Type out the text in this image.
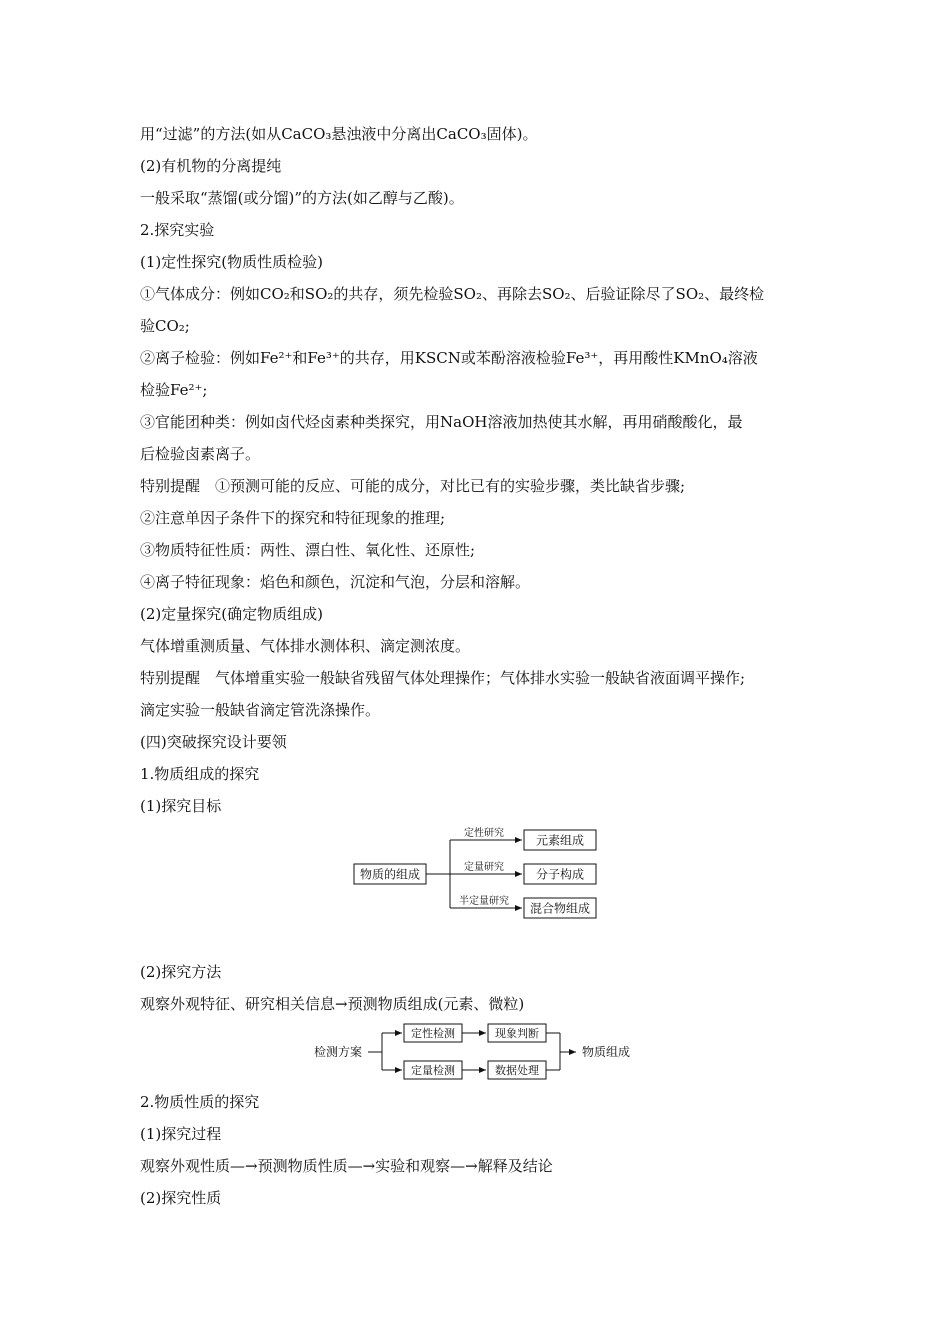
用“过滤”的方法(如从CaCO₃悬浊液中分离出CaCO₃固体)。
(2)有机物的分离提纯
一般采取“蒸馏(或分馏)”的方法(如乙醇与乙酸)。
2.探究实验
(1)定性探究(物质性质检验)
①气体成分：例如CO₂和SO₂的共存，须先检验SO₂、再除去SO₂、后验证除尽了SO₂、最终检
验CO₂;
②离子检验：例如Fe²⁺和Fe³⁺的共存，用KSCN或苯酚溶液检验Fe³⁺，再用酸性KMnO₄溶液
检验Fe²⁺;
③官能团种类：例如卤代烃卤素种类探究，用NaOH溶液加热使其水解，再用硝酸酸化，最
后检验卤素离子。
特别提醒　①预测可能的反应、可能的成分，对比已有的实验步骤，类比缺省步骤;
②注意单因子条件下的探究和特征现象的推理;
③物质特征性质：两性、漂白性、氧化性、还原性;
④离子特征现象：焰色和颜色，沉淀和气泡，分层和溶解。
(2)定量探究(确定物质组成)
气体增重测质量、气体排水测体积、滴定测浓度。
特别提醒　气体增重实验一般缺省残留气体处理操作；气体排水实验一般缺省液面调平操作;
滴定实验一般缺省滴定管洗涤操作。
(四)突破探究设计要领
1.物质组成的探究
(1)探究目标
物质的组成
定性研究
定量研究
半定量研究
元素组成
分子构成
混合物组成
(2)探究方法
观察外观特征、研究相关信息→预测物质组成(元素、微粒)
检测方案
定性检测
定量检测
现象判断
数据处理
物质组成
2.物质性质的探究
(1)探究过程
观察外观性质—→预测物质性质—→实验和观察—→解释及结论
(2)探究性质
